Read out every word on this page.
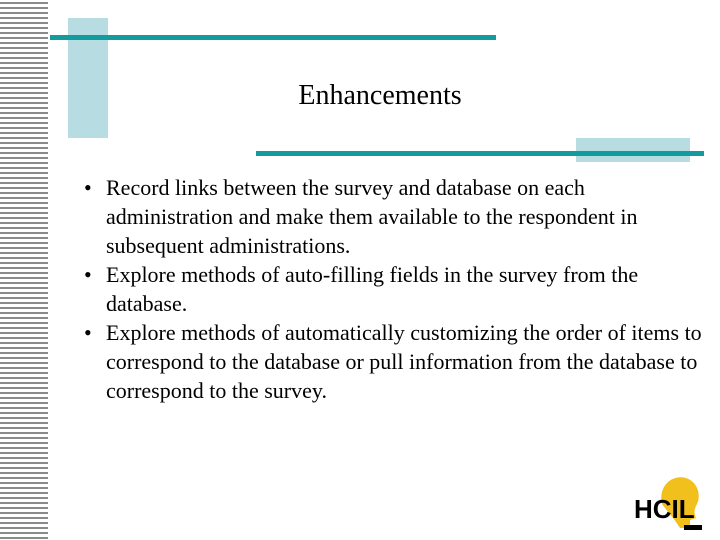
Enhancements
• Record links between the survey and database on each administration and make them available to the respondent in subsequent administrations.
• Explore methods of auto-filling fields in the survey from the database.
• Explore methods of automatically customizing the order of items to correspond to the database or pull information from the database to correspond to the survey.
HCIL
